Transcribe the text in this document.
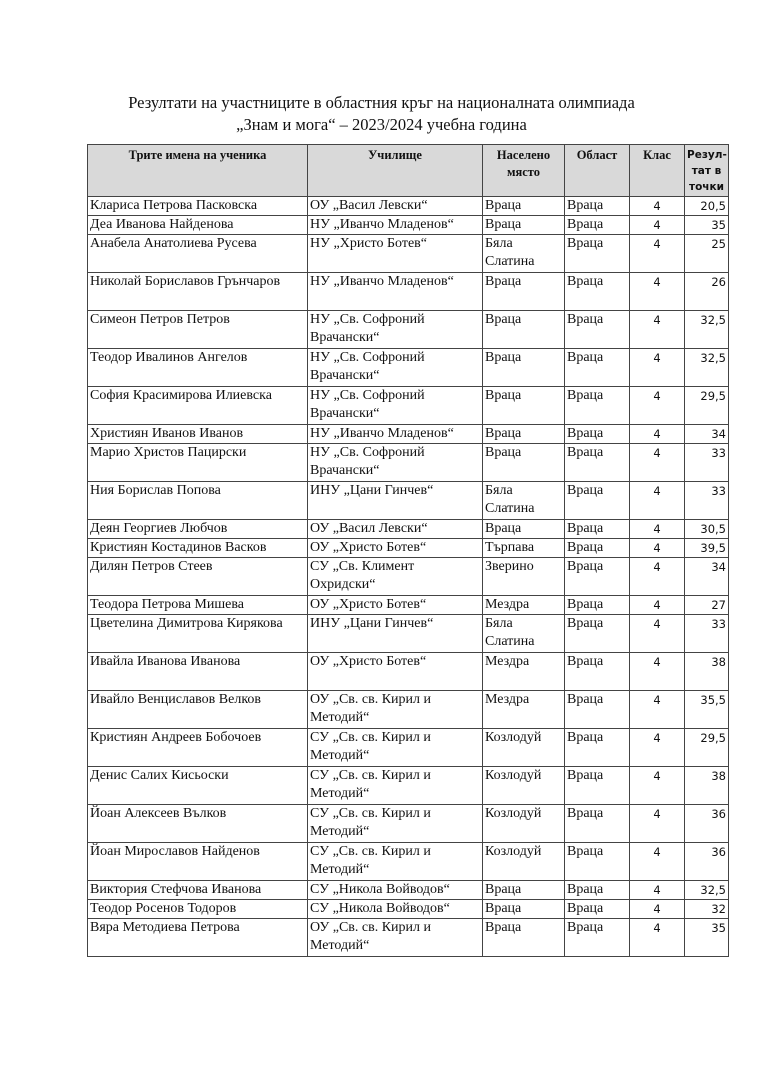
Резултати на участниците в областния кръг на националната олимпиада
„Знам и мога“ – 2023/2024 учебна година
Трите имена на ученика	Училище	Населено място	Област	Клас	Резул- тат в точки
Клариса Петрова Пасковска	ОУ „Васил Левски“	Враца	Враца	4	20,5
Деа Иванова Найденова	НУ „Иванчо Младенов“	Враца	Враца	4	35
Анабела Анатолиева Русева	НУ „Христо Ботев“	Бяла Слатина	Враца	4	25
Николай Бориславов Грънчаров	НУ „Иванчо Младенов“	Враца	Враца	4	26
Симеон Петров Петров	НУ „Св. Софроний Врачански“	Враца	Враца	4	32,5
Теодор Ивалинов Ангелов	НУ „Св. Софроний Врачански“	Враца	Враца	4	32,5
София Красимирова Илиевска	НУ „Св. Софроний Врачански“	Враца	Враца	4	29,5
Християн Иванов Иванов	НУ „Иванчо Младенов“	Враца	Враца	4	34
Марио Христов Пацирски	НУ „Св. Софроний Врачански“	Враца	Враца	4	33
Ния Борислав Попова	ИНУ „Цани Гинчев“	Бяла Слатина	Враца	4	33
Деян Георгиев Любчов	ОУ „Васил Левски“	Враца	Враца	4	30,5
Кристиян Костадинов Васков	ОУ „Христо Ботев“	Търпава	Враца	4	39,5
Дилян Петров Стеев	СУ „Св. Климент Охридски“	Зверино	Враца	4	34
Теодора Петрова Мишева	ОУ „Христо Ботев“	Мездра	Враца	4	27
Цветелина Димитрова Кирякова	ИНУ „Цани Гинчев“	Бяла Слатина	Враца	4	33
Ивайла Иванова Иванова	ОУ „Христо Ботев“	Мездра	Враца	4	38
Ивайло Венциславов Велков	ОУ „Св. св. Кирил и Методий“	Мездра	Враца	4	35,5
Кристиян Андреев Бобочоев	СУ „Св. св. Кирил и Методий“	Козлодуй	Враца	4	29,5
Денис Салих Кисьоски	СУ „Св. св. Кирил и Методий“	Козлодуй	Враца	4	38
Йоан Алексеев Вълков	СУ „Св. св. Кирил и Методий“	Козлодуй	Враца	4	36
Йоан Мирославов Найденов	СУ „Св. св. Кирил и Методий“	Козлодуй	Враца	4	36
Виктория Стефчова Иванова	СУ „Никола Войводов“	Враца	Враца	4	32,5
Теодор Росенов Тодоров	СУ „Никола Войводов“	Враца	Враца	4	32
Вяра Методиева Петрова	ОУ „Св. св. Кирил и Методий“	Враца	Враца	4	35
